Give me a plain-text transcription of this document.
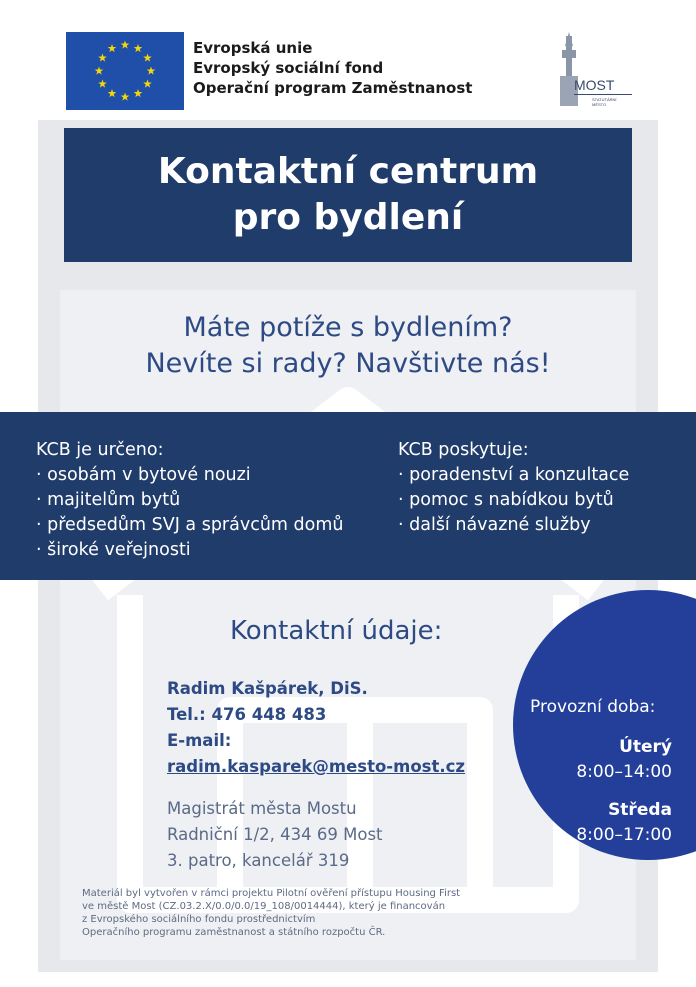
Evropská unie
Evropský sociální fond
Operační program Zaměstnanost	MOST
STATUTÁRNÍ
MĚSTO
Kontaktní centrum
pro bydlení
Máte potíže s bydlením?
Nevíte si rady? Navštivte nás!
KCB je určeno:
· osobám v bytové nouzi
· majitelům bytů
· předsedům SVJ a správcům domů
· široké veřejnosti
KCB poskytuje:
· poradenství a konzultace
· pomoc s nabídkou bytů
· další návazné služby
Kontaktní údaje:
Radim Kašpárek, DiS.
Tel.: 476 448 483
E-mail:
radim.kasparek@mesto-most.cz
Magistrát města Mostu
Radniční 1/2, 434 69 Most
3. patro, kancelář 319
Provozní doba:
Úterý
8:00–14:00
Středa
8:00–17:00
Materiál byl vytvořen v rámci projektu Pilotní ověření přístupu Housing First
ve městě Most (CZ.03.2.X/0.0/0.0/19_108/0014444), který je financován
z Evropského sociálního fondu prostřednictvím
Operačního programu zaměstnanost a státního rozpočtu ČR.
